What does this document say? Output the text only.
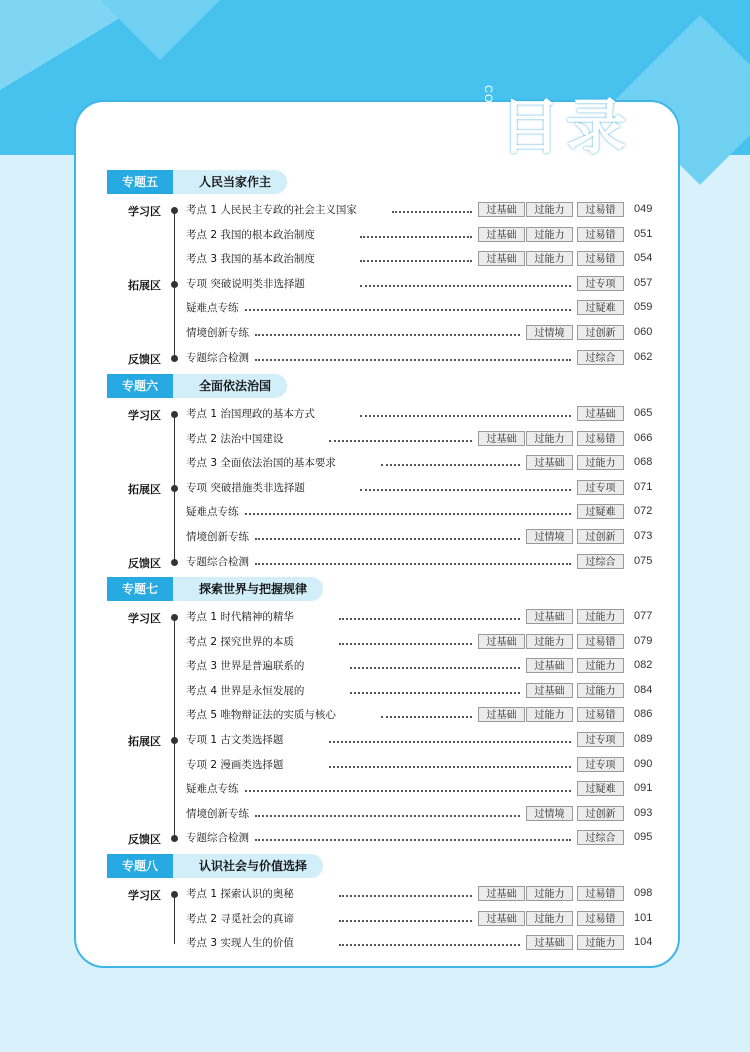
CONTENTS 目录
专题五	人民当家作主
学习区 考点 1 人民民主专政的社会主义国家	过基础	过能力	过易错	049
考点 2 我国的根本政治制度	过基础	过能力	过易错	051
考点 3 我国的基本政治制度	过基础	过能力	过易错	054
拓展区 专项 突破说明类非选择题	过专项	057
疑难点专练	过疑难	059
情境创新专练	过情境	过创新	060
反馈区 专题综合检测	过综合	062
专题六	全面依法治国
学习区 考点 1 治国理政的基本方式	过基础	065
考点 2 法治中国建设	过基础	过能力	过易错	066
考点 3 全面依法治国的基本要求	过基础	过能力	068
拓展区 专项 突破措施类非选择题	过专项	071
疑难点专练	过疑难	072
情境创新专练	过情境	过创新	073
反馈区 专题综合检测	过综合	075
专题七	探索世界与把握规律
学习区 考点 1 时代精神的精华	过基础	过能力	077
考点 2 探究世界的本质	过基础	过能力	过易错	079
考点 3 世界是普遍联系的	过基础	过能力	082
考点 4 世界是永恒发展的	过基础	过能力	084
考点 5 唯物辩证法的实质与核心	过基础	过能力	过易错	086
拓展区 专项 1 古文类选择题	过专项	089
专项 2 漫画类选择题	过专项	090
疑难点专练	过疑难	091
情境创新专练	过情境	过创新	093
反馈区 专题综合检测	过综合	095
专题八	认识社会与价值选择
学习区 考点 1 探索认识的奥秘	过基础	过能力	过易错	098
考点 2 寻觅社会的真谛	过基础	过能力	过易错	101
考点 3 实现人生的价值	过基础	过能力	104
